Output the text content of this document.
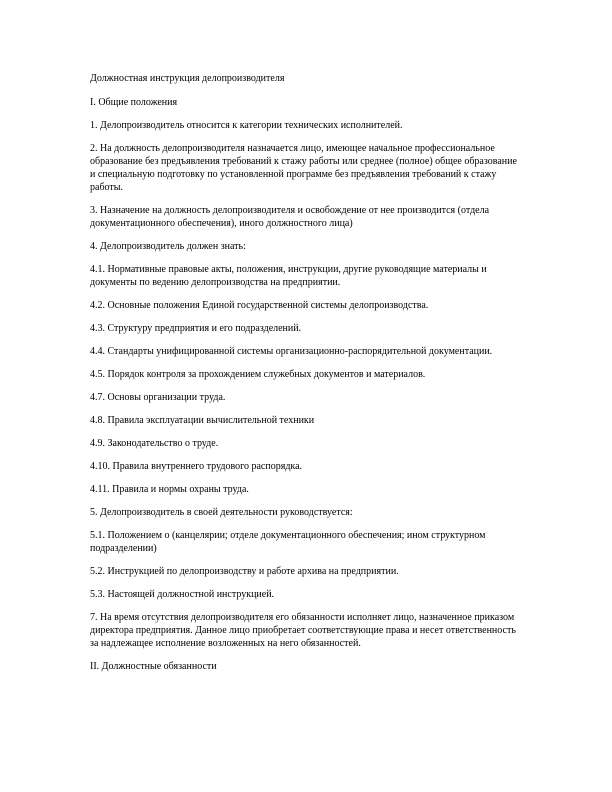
Должностная инструкция делопроизводителя

I. Общие положения

1. Делопроизводитель относится к категории технических исполнителей.

2. На должность делопроизводителя назначается лицо, имеющее начальное профессиональное образование без предъявления требований к стажу работы или среднее (полное) общее образование и специальную подготовку по установленной программе без предъявления требований к стажу работы.

3. Назначение на должность делопроизводителя и освобождение от нее производится (отдела документационного обеспечения), иного должностного лица)

4. Делопроизводитель должен знать:

4.1. Нормативные правовые акты, положения, инструкции, другие руководящие материалы и документы по ведению делопроизводства на предприятии.

4.2. Основные положения Единой государственной системы делопроизводства.

4.3. Структуру предприятия и его подразделений.

4.4. Стандарты унифицированной системы организационно-распорядительной документации.

4.5. Порядок контроля за прохождением служебных документов и материалов.

4.7. Основы организации труда.

4.8. Правила эксплуатации вычислительной техники

4.9. Законодательство о труде.

4.10. Правила внутреннего трудового распорядка.

4.11. Правила и нормы охраны труда.

5. Делопроизводитель в своей деятельности руководствуется:

5.1. Положением о (канцелярии; отделе документационного обеспечения; ином структурном подразделении)

5.2. Инструкцией по делопроизводству и работе архива на предприятии.

5.3. Настоящей должностной инструкцией.

7. На время отсутствия делопроизводителя его обязанности исполняет лицо, назначенное приказом директора предприятия. Данное лицо приобретает соответствующие права и несет ответственность за надлежащее исполнение возложенных на него обязанностей.

II. Должностные обязанности
